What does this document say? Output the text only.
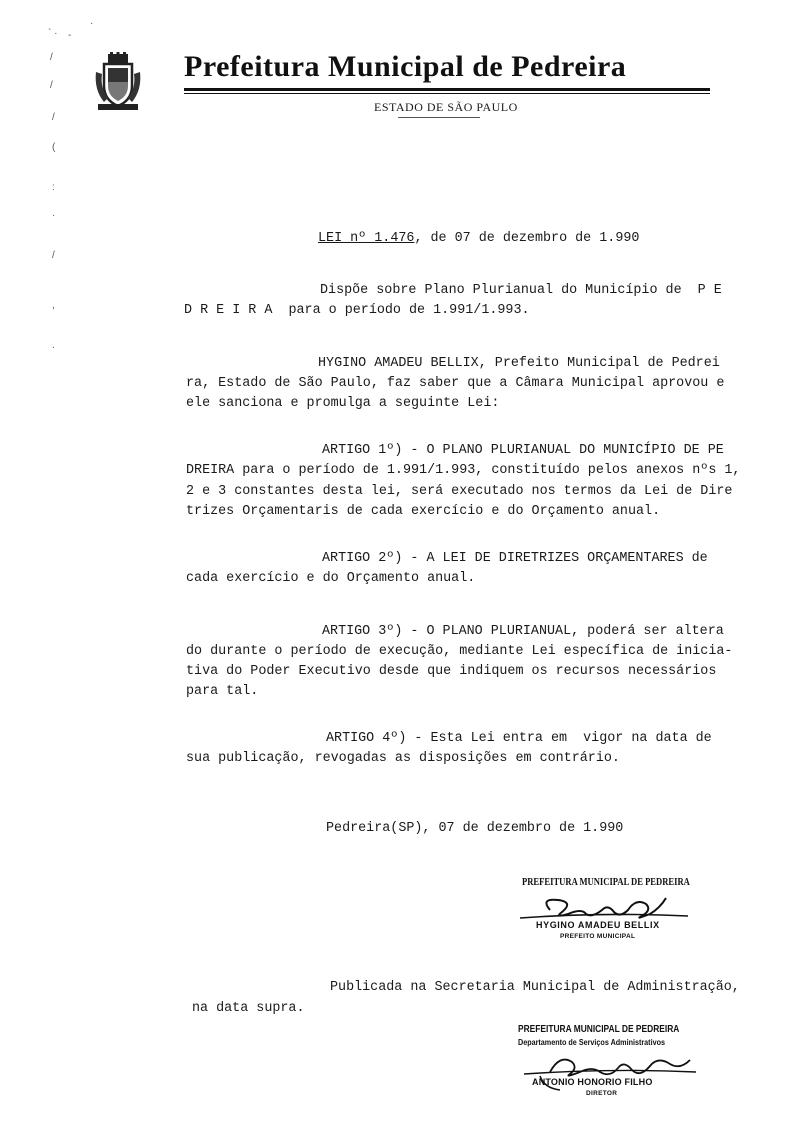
` ·
/
/
/
(
:
·
/
,
.
-
·
Prefeitura Municipal de Pedreira
ESTADO DE SÃO PAULO
LEI nº 1.476, de 07 de dezembro de 1.990
Dispõe sobre Plano Plurianual do Município de  P E
D R E I R A  para o período de 1.991/1.993.
HYGINO AMADEU BELLIX, Prefeito Municipal de Pedrei
ra, Estado de São Paulo, faz saber que a Câmara Municipal aprovou e
ele sanciona e promulga a seguinte Lei:
ARTIGO 1º) - O PLANO PLURIANUAL DO MUNICÍPIO DE PE
DREIRA para o período de 1.991/1.993, constituído pelos anexos nºs 1,
2 e 3 constantes desta lei, será executado nos termos da Lei de Dire
trizes Orçamentaris de cada exercício e do Orçamento anual.
ARTIGO 2º) - A LEI DE DIRETRIZES ORÇAMENTARES de
cada exercício e do Orçamento anual.
ARTIGO 3º) - O PLANO PLURIANUAL, poderá ser altera
do durante o período de execução, mediante Lei específica de inicia-
tiva do Poder Executivo desde que indiquem os recursos necessários
para tal.
ARTIGO 4º) - Esta Lei entra em  vigor na data de
sua publicação, revogadas as disposições em contrário.
Pedreira(SP), 07 de dezembro de 1.990
PREFEITURA MUNICIPAL DE PEDREIRA
HYGINO AMADEU BELLIX
PREFEITO MUNICIPAL
Publicada na Secretaria Municipal de Administração,
na data supra.
PREFEITURA MUNICIPAL DE PEDREIRA
Departamento de Serviços Administrativos
ANTONIO HONORIO FILHO
DIRETOR
